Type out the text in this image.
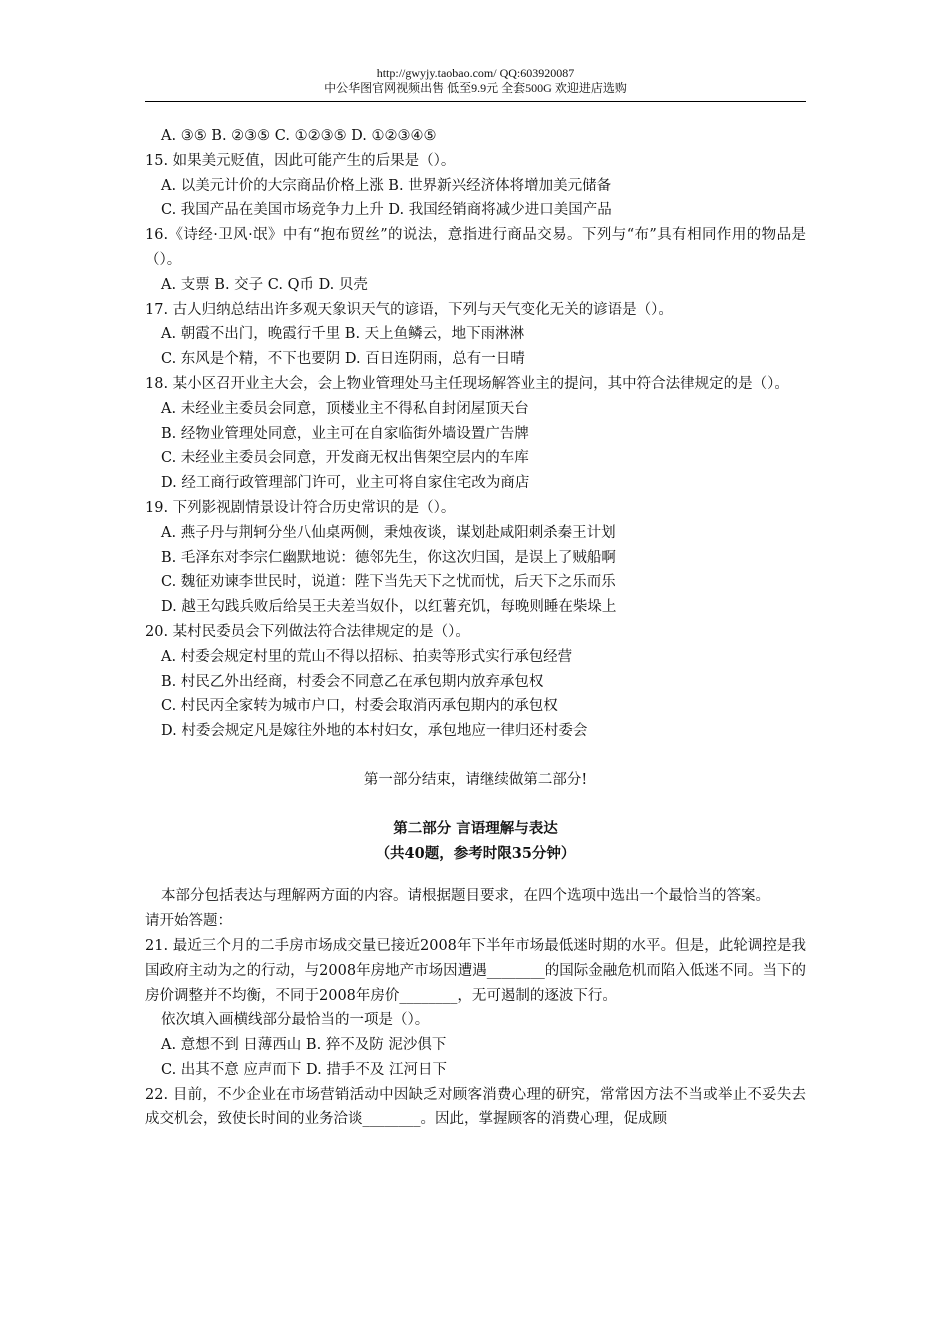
http://gwyjy.taobao.com/ QQ:603920087
中公华图官网视频出售 低至9.9元 全套500G 欢迎进店选购

A. ③⑤ B. ②③⑤ C. ①②③⑤ D. ①②③④⑤

15. 如果美元贬值，因此可能产生的后果是（）。

A. 以美元计价的大宗商品价格上涨 B. 世界新兴经济体将增加美元储备

C. 我国产品在美国市场竞争力上升 D. 我国经销商将减少进口美国产品

16.《诗经·卫风·氓》中有“抱布贸丝”的说法，意指进行商品交易。下列与“布”具有相同作用的物品是（）。

A. 支票 B. 交子 C. Q币 D. 贝壳

17. 古人归纳总结出许多观天象识天气的谚语，下列与天气变化无关的谚语是（）。

A. 朝霞不出门，晚霞行千里 B. 天上鱼鳞云，地下雨淋淋

C. 东风是个精，不下也要阴 D. 百日连阴雨，总有一日晴

18. 某小区召开业主大会，会上物业管理处马主任现场解答业主的提问，其中符合法律规定的是（）。

A. 未经业主委员会同意，顶楼业主不得私自封闭屋顶天台

B. 经物业管理处同意，业主可在自家临街外墙设置广告牌

C. 未经业主委员会同意，开发商无权出售架空层内的车库

D. 经工商行政管理部门许可，业主可将自家住宅改为商店

19. 下列影视剧情景设计符合历史常识的是（）。

A. 燕子丹与荆轲分坐八仙桌两侧，秉烛夜谈，谋划赴咸阳刺杀秦王计划

B. 毛泽东对李宗仁幽默地说：德邻先生，你这次归国，是误上了贼船啊

C. 魏征劝谏李世民时，说道：陛下当先天下之忧而忧，后天下之乐而乐

D. 越王勾践兵败后给吴王夫差当奴仆，以红薯充饥，每晚则睡在柴垛上

20. 某村民委员会下列做法符合法律规定的是（）。

A. 村委会规定村里的荒山不得以招标、拍卖等形式实行承包经营

B. 村民乙外出经商，村委会不同意乙在承包期内放弃承包权

C. 村民丙全家转为城市户口，村委会取消丙承包期内的承包权

D. 村委会规定凡是嫁往外地的本村妇女，承包地应一律归还村委会

第一部分结束，请继续做第二部分!

第二部分 言语理解与表达

（共40题，参考时限35分钟）

本部分包括表达与理解两方面的内容。请根据题目要求，在四个选项中选出一个最恰当的答案。

请开始答题：

21. 最近三个月的二手房市场成交量已接近2008年下半年市场最低迷时期的水平。但是，此轮调控是我国政府主动为之的行动，与2008年房地产市场因遭遇________的国际金融危机而陷入低迷不同。当下的房价调整并不均衡，不同于2008年房价________，无可遏制的逐波下行。

依次填入画横线部分最恰当的一项是（）。

A. 意想不到 日薄西山 B. 猝不及防 泥沙俱下

C. 出其不意 应声而下 D. 措手不及 江河日下

22. 目前，不少企业在市场营销活动中因缺乏对顾客消费心理的研究，常常因方法不当或举止不妥失去成交机会，致使长时间的业务洽谈________。因此，掌握顾客的消费心理，促成顾
